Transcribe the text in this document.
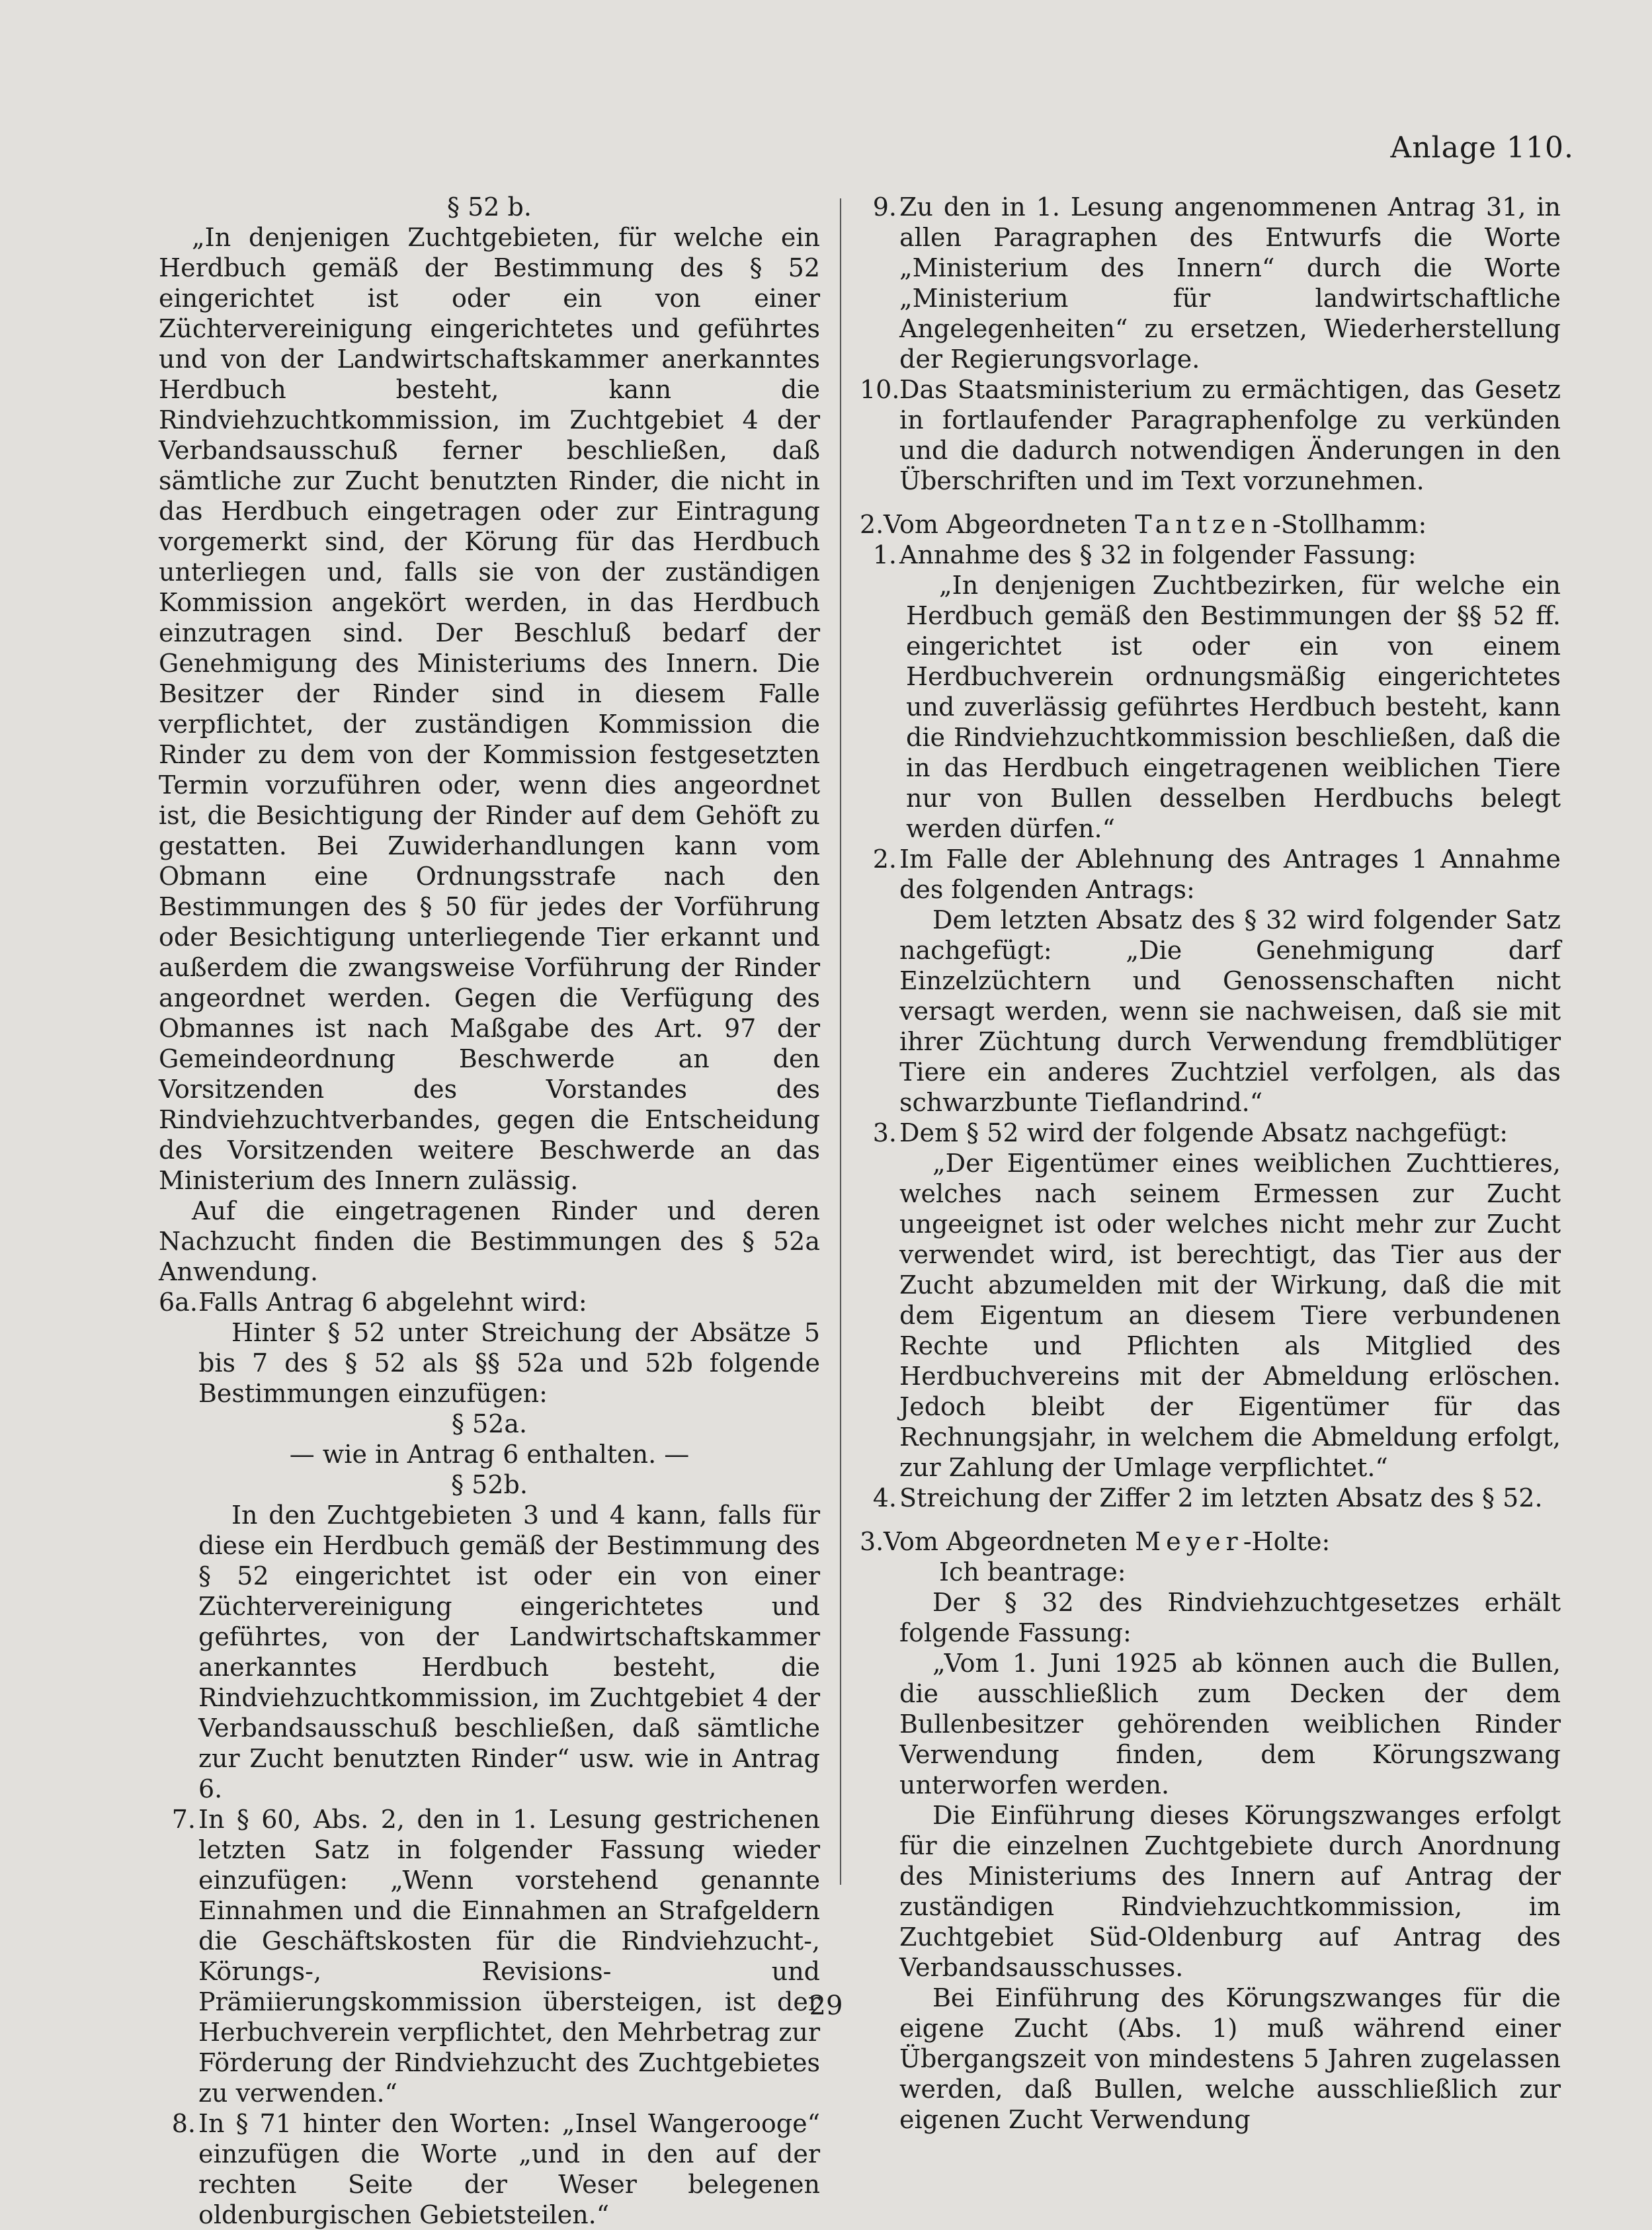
Anlage 110.

§ 52 b.

„In denjenigen Zuchtgebieten, für welche ein Herdbuch gemäß der Bestimmung des § 52 eingerichtet ist oder ein von einer Züchtervereinigung eingerichtetes und geführtes und von der Landwirtschaftskammer anerkanntes Herdbuch besteht, kann die Rindviehzuchtkommission, im Zuchtgebiet 4 der Verbandsausschuß ferner beschließen, daß sämtliche zur Zucht benutzten Rinder, die nicht in das Herdbuch eingetragen oder zur Eintragung vorgemerkt sind, der Körung für das Herdbuch unterliegen und, falls sie von der zuständigen Kommission angekört werden, in das Herdbuch einzutragen sind. Der Beschluß bedarf der Genehmigung des Ministeriums des Innern. Die Besitzer der Rinder sind in diesem Falle verpflichtet, der zuständigen Kommission die Rinder zu dem von der Kommission festgesetzten Termin vorzuführen oder, wenn dies angeordnet ist, die Besichtigung der Rinder auf dem Gehöft zu gestatten. Bei Zuwiderhandlungen kann vom Obmann eine Ordnungsstrafe nach den Bestimmungen des § 50 für jedes der Vorführung oder Besichtigung unterliegende Tier erkannt und außerdem die zwangsweise Vorführung der Rinder angeordnet werden. Gegen die Verfügung des Obmannes ist nach Maßgabe des Art. 97 der Gemeindeordnung Beschwerde an den Vorsitzenden des Vorstandes des Rindviehzuchtverbandes, gegen die Entscheidung des Vorsitzenden weitere Beschwerde an das Ministerium des Innern zulässig.

Auf die eingetragenen Rinder und deren Nachzucht finden die Bestimmungen des § 52a Anwendung.

6a. Falls Antrag 6 abgelehnt wird:

Hinter § 52 unter Streichung der Absätze 5 bis 7 des § 52 als §§ 52a und 52b folgende Bestimmungen einzufügen:

§ 52a.

— wie in Antrag 6 enthalten. —

§ 52b.

In den Zuchtgebieten 3 und 4 kann, falls für diese ein Herdbuch gemäß der Bestimmung des § 52 eingerichtet ist oder ein von einer Züchtervereinigung eingerichtetes und geführtes, von der Landwirtschaftskammer anerkanntes Herdbuch besteht, die Rindviehzuchtkommission, im Zuchtgebiet 4 der Verbandsausschuß beschließen, daß sämtliche zur Zucht benutzten Rinder“ usw. wie in Antrag 6.

7. In § 60, Abs. 2, den in 1. Lesung gestrichenen letzten Satz in folgender Fassung wieder einzufügen: „Wenn vorstehend genannte Einnahmen und die Einnahmen an Strafgeldern die Geschäftskosten für die Rindviehzucht-, Körungs-, Revisions- und Prämiierungskommission übersteigen, ist der Herbuchverein verpflichtet, den Mehrbetrag zur Förderung der Rindviehzucht des Zuchtgebietes zu verwenden.“

8. In § 71 hinter den Worten: „Insel Wangerooge“ einzufügen die Worte „und in den auf der rechten Seite der Weser belegenen oldenburgischen Gebietsteilen.“

9. Zu den in 1. Lesung angenommenen Antrag 31, in allen Paragraphen des Entwurfs die Worte „Ministerium des Innern“ durch die Worte „Ministerium für landwirtschaftliche Angelegenheiten“ zu ersetzen, Wiederherstellung der Regierungsvorlage.

10. Das Staatsministerium zu ermächtigen, das Gesetz in fortlaufender Paragraphenfolge zu verkünden und die dadurch notwendigen Änderungen in den Überschriften und im Text vorzunehmen.

2. Vom Abgeordneten Tantzen-Stollhamm:

1. Annahme des § 32 in folgender Fassung:

„In denjenigen Zuchtbezirken, für welche ein Herdbuch gemäß den Bestimmungen der §§ 52 ff. eingerichtet ist oder ein von einem Herdbuchverein ordnungsmäßig eingerichtetes und zuverlässig geführtes Herdbuch besteht, kann die Rindviehzuchtkommission beschließen, daß die in das Herdbuch eingetragenen weiblichen Tiere nur von Bullen desselben Herdbuchs belegt werden dürfen.“

2. Im Falle der Ablehnung des Antrages 1 Annahme des folgenden Antrags:

Dem letzten Absatz des § 32 wird folgender Satz nachgefügt: „Die Genehmigung darf Einzelzüchtern und Genossenschaften nicht versagt werden, wenn sie nachweisen, daß sie mit ihrer Züchtung durch Verwendung fremdblütiger Tiere ein anderes Zuchtziel verfolgen, als das schwarzbunte Tieflandrind.“

3. Dem § 52 wird der folgende Absatz nachgefügt:

„Der Eigentümer eines weiblichen Zuchttieres, welches nach seinem Ermessen zur Zucht ungeeignet ist oder welches nicht mehr zur Zucht verwendet wird, ist berechtigt, das Tier aus der Zucht abzumelden mit der Wirkung, daß die mit dem Eigentum an diesem Tiere verbundenen Rechte und Pflichten als Mitglied des Herdbuchvereins mit der Abmeldung erlöschen. Jedoch bleibt der Eigentümer für das Rechnungsjahr, in welchem die Abmeldung erfolgt, zur Zahlung der Umlage verpflichtet.“

4. Streichung der Ziffer 2 im letzten Absatz des § 52.

3. Vom Abgeordneten Meyer-Holte:

Ich beantrage:

Der § 32 des Rindviehzuchtgesetzes erhält folgende Fassung:

„Vom 1. Juni 1925 ab können auch die Bullen, die ausschließlich zum Decken der dem Bullenbesitzer gehörenden weiblichen Rinder Verwendung finden, dem Körungszwang unterworfen werden.

Die Einführung dieses Körungszwanges erfolgt für die einzelnen Zuchtgebiete durch Anordnung des Ministeriums des Innern auf Antrag der zuständigen Rindviehzuchtkommission, im Zuchtgebiet Süd-Oldenburg auf Antrag des Verbandsausschusses.

Bei Einführung des Körungszwanges für die eigene Zucht (Abs. 1) muß während einer Übergangszeit von mindestens 5 Jahren zugelassen werden, daß Bullen, welche ausschließlich zur eigenen Zucht Verwendung

29
